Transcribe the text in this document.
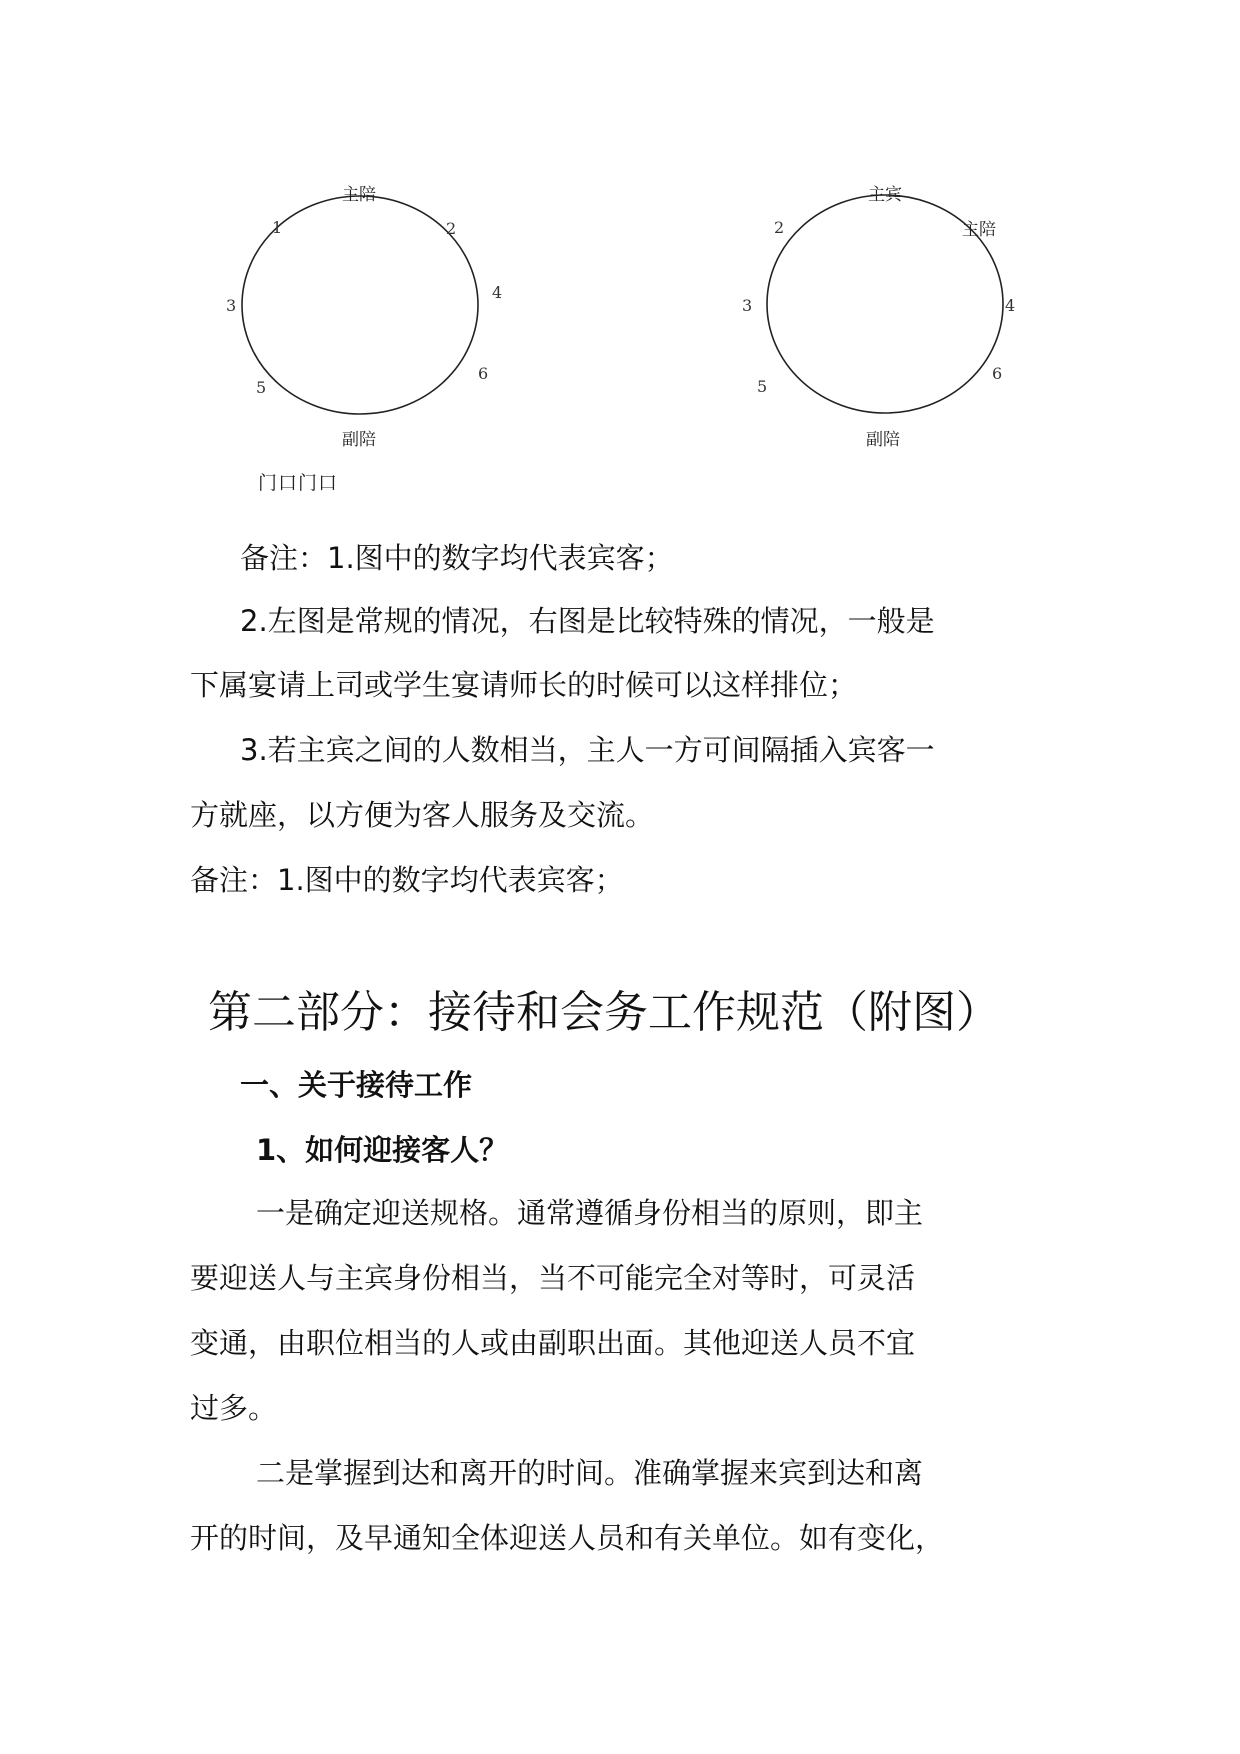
主陪
1	2
3
4
5
6
副陪
主宾
2	主陪
3	4
5
6
副陪
门口门口
备注：1.图中的数字均代表宾客；
2.左图是常规的情况，右图是比较特殊的情况，一般是
下属宴请上司或学生宴请师长的时候可以这样排位；
3.若主宾之间的人数相当，主人一方可间隔插入宾客一
方就座，以方便为客人服务及交流。
备注：1.图中的数字均代表宾客；
第二部分：接待和会务工作规范（附图）
一、关于接待工作
1、如何迎接客人？
一是确定迎送规格。通常遵循身份相当的原则，即主
要迎送人与主宾身份相当，当不可能完全对等时，可灵活
变通，由职位相当的人或由副职出面。其他迎送人员不宜
过多。
二是掌握到达和离开的时间。准确掌握来宾到达和离
开的时间，及早通知全体迎送人员和有关单位。如有变化，
